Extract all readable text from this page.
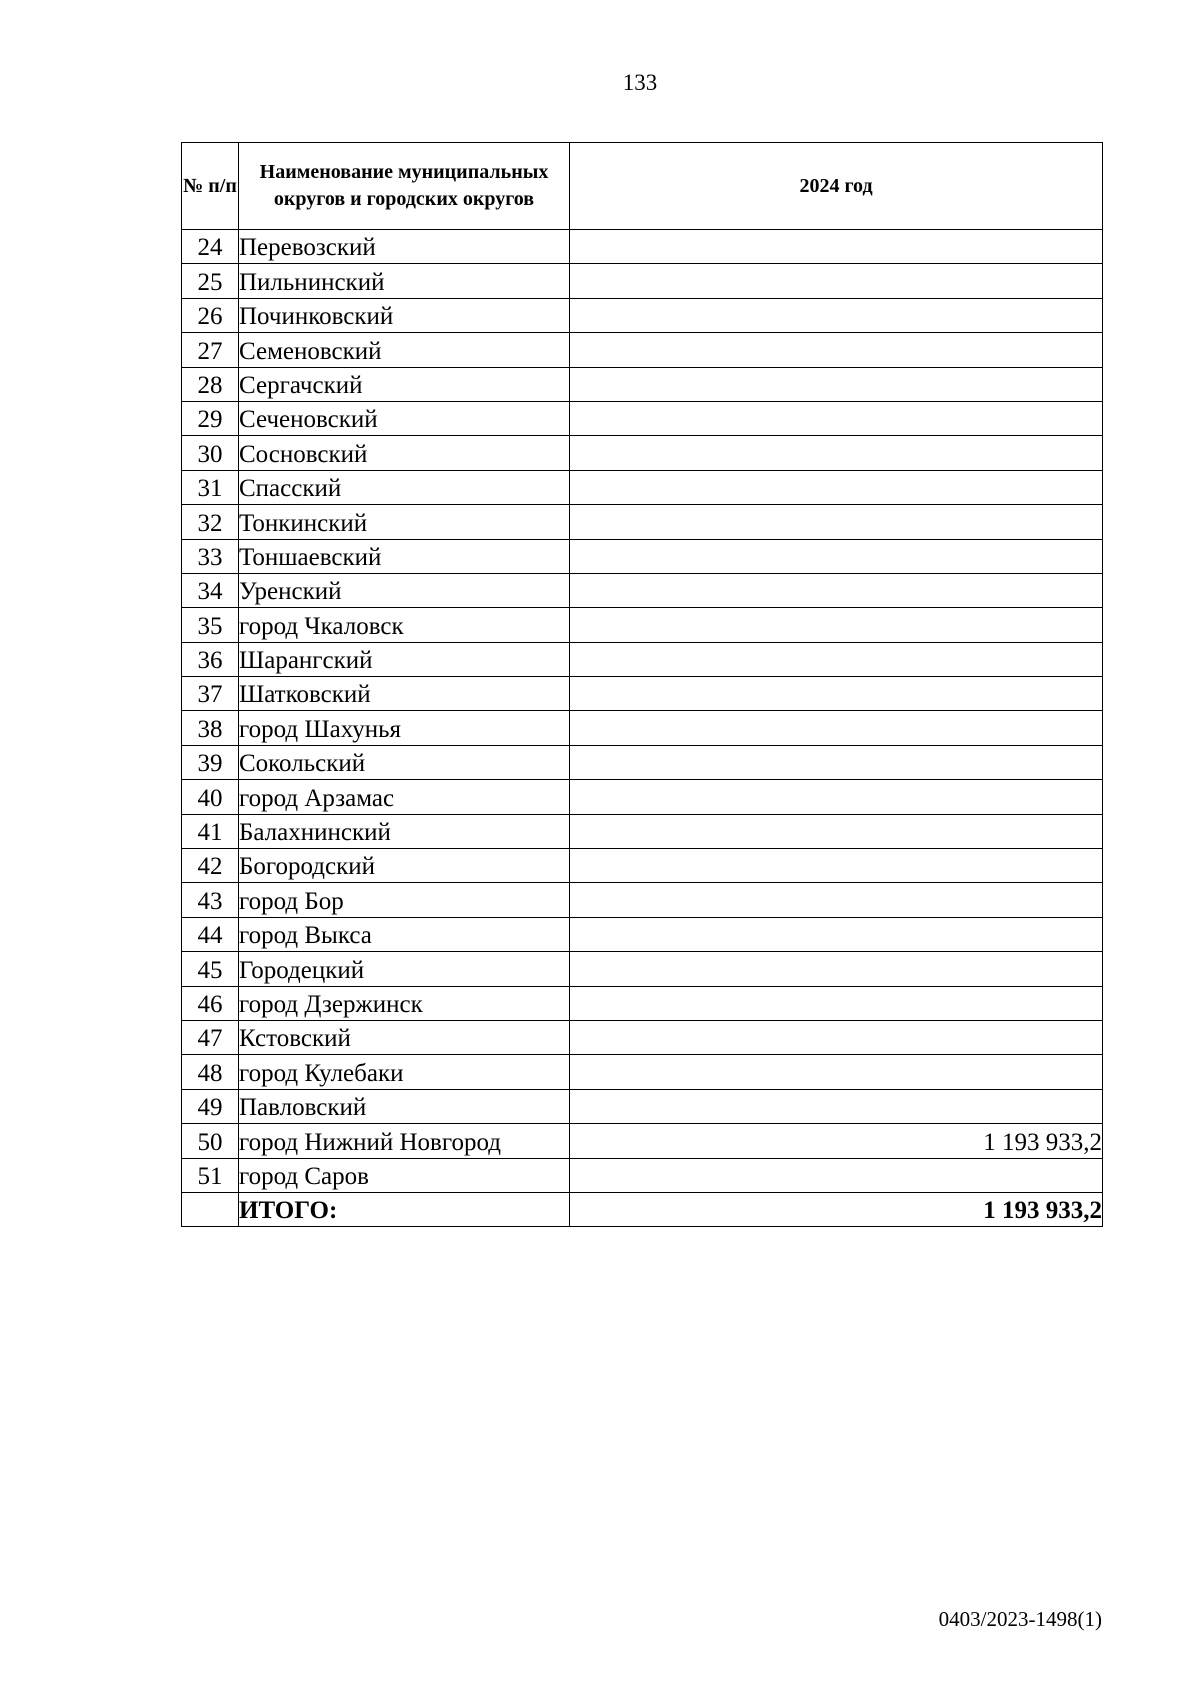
133
№ п/п	Наименование муниципальных округов и городских округов	2024 год
24	Перевозский	
25	Пильнинский	
26	Починковский	
27	Семеновский	
28	Сергачский	
29	Сеченовский	
30	Сосновский	
31	Спасский	
32	Тонкинский	
33	Тоншаевский	
34	Уренский	
35	город Чкаловск	
36	Шарангский	
37	Шатковский	
38	город Шахунья	
39	Сокольский	
40	город Арзамас	
41	Балахнинский	
42	Богородский	
43	город Бор	
44	город Выкса	
45	Городецкий	
46	город Дзержинск	
47	Кстовский	
48	город Кулебаки	
49	Павловский	
50	город Нижний Новгород	1 193 933,2
51	город Саров	
	ИТОГО:	1 193 933,2
0403/2023-1498(1)
